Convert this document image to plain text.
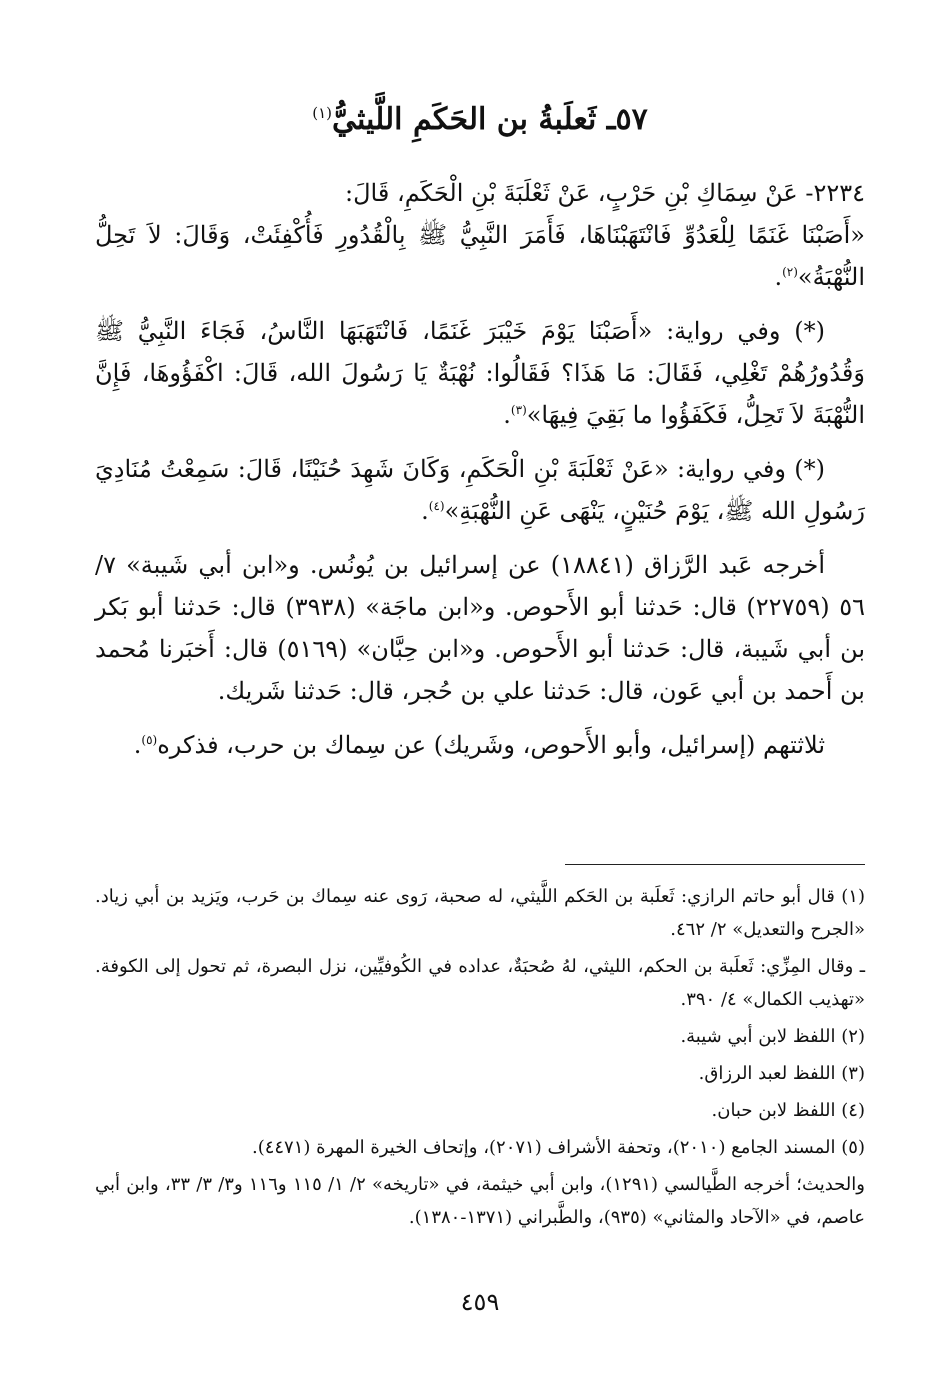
٥٧ـ ثَعلَبةُ بن الحَكَمِ اللَّيثيُّ$^{(١)}$

٢٢٣٤- عَنْ سِمَاكِ بْنِ حَرْبٍ، عَنْ ثَعْلَبَةَ بْنِ الْحَكَمِ، قَالَ:

«أَصَبْنَا غَنَمًا لِلْعَدُوِّ فَانْتَهَبْنَاهَا، فَأَمَرَ النَّبِيُّ ﷺ بِالْقُدُورِ فَأُكْفِئَتْ، وَقَالَ: لاَ تَحِلُّ النُّهْبَةُ»$^{(٢)}$.

(*) وفي رواية: «أَصَبْنَا يَوْمَ خَيْبَرَ غَنَمًا، فَانْتَهَبَهَا النَّاسُ، فَجَاءَ النَّبِيُّ ﷺ وَقُدُورُهُمْ تَغْلِي، فَقَالَ: مَا هَذَا؟ فَقَالُوا: نُهْبَةٌ يَا رَسُولَ الله، قَالَ: اكْفَؤُوهَا، فَإِنَّ النُّهْبَةَ لاَ تَحِلُّ، فَكَفَؤُوا ما بَقِيَ فِيهَا»$^{(٣)}$.

(*) وفي رواية: «عَنْ ثَعْلَبَةَ بْنِ الْحَكَمِ، وَكَانَ شَهِدَ حُنَيْنًا، قَالَ: سَمِعْتُ مُنَادِيَ رَسُولِ الله ﷺ، يَوْمَ حُنَيْنٍ، يَنْهَى عَنِ النُّهْبَةِ»$^{(٤)}$.

أخرجه عَبد الرَّزاق (١٨٨٤١) عن إسرائيل بن يُونُس. و«ابن أبي شَيبة» ٧/ ٥٦ (٢٢٧٥٩) قال: حَدثنا أبو الأَحوص. و«ابن ماجَة» (٣٩٣٨) قال: حَدثنا أبو بَكر بن أبي شَيبة، قال: حَدثنا أبو الأَحوص. و«ابن حِبَّان» (٥١٦٩) قال: أَخبَرنا مُحمد بن أَحمد بن أبي عَون، قال: حَدثنا علي بن حُجر، قال: حَدثنا شَريك.

ثلاثتهم (إسرائيل، وأبو الأَحوص، وشَريك) عن سِماك بن حرب، فذكره$^{(٥)}$.

(١) قال أبو حاتم الرازي: ثَعلَبة بن الحَكم اللَّيثي، له صحبة، رَوى عنه سِماك بن حَرب، ويَزيد بن أبي زياد. «الجرح والتعديل» ٢/ ٤٦٢.

ـ وقال المِزِّي: ثَعلَبة بن الحكم، الليثي، لهُ صُحبَةٌ، عداده في الكُوفيِّين، نزل البصرة، ثم تحول إلى الكوفة. «تهذيب الكمال» ٤/ ٣٩٠.

(٢) اللفظ لابن أبي شيبة.

(٣) اللفظ لعبد الرزاق.

(٤) اللفظ لابن حبان.

(٥) المسند الجامع (٢٠١٠)، وتحفة الأشراف (٢٠٧١)، وإتحاف الخيرة المهرة (٤٤٧١).

والحديث؛ أخرجه الطَّيالسي (١٢٩١)، وابن أبي خيثمة، في «تاريخه» ٢/ ١/ ١١٥ و١١٦ و٣/ ٣/ ٣٣، وابن أبي عاصم، في «الآحاد والمثاني» (٩٣٥)، والطَّبراني (١٣٧١-١٣٨٠).

٤٥٩
